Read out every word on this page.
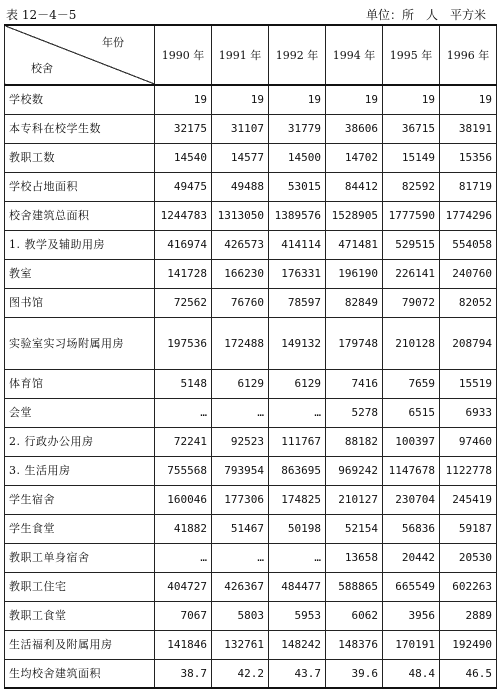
表 12－4－5	单位：所　人　平方米
年份
校舍	1990 年	1991 年	1992 年	1994 年	1995 年	1996 年
学校数	19	19	19	19	19	19
本专科在校学生数	32175	31107	31779	38606	36715	38191
教职工数	14540	14577	14500	14702	15149	15356
学校占地面积	49475	49488	53015	84412	82592	81719
校舍建筑总面积	1244783	1313050	1389576	1528905	1777590	1774296
1. 教学及辅助用房	416974	426573	414114	471481	529515	554058
教室	141728	166230	176331	196190	226141	240760
图书馆	72562	76760	78597	82849	79072	82052
实验室实习场附属用房	197536	172488	149132	179748	210128	208794
体育馆	5148	6129	6129	7416	7659	15519
会堂	…	…	…	5278	6515	6933
2. 行政办公用房	72241	92523	111767	88182	100397	97460
3. 生活用房	755568	793954	863695	969242	1147678	1122778
学生宿舍	160046	177306	174825	210127	230704	245419
学生食堂	41882	51467	50198	52154	56836	59187
教职工单身宿舍	…	…	…	13658	20442	20530
教职工住宅	404727	426367	484477	588865	665549	602263
教职工食堂	7067	5803	5953	6062	3956	2889
生活福利及附属用房	141846	132761	148242	148376	170191	192490
生均校舍建筑面积	38.7	42.2	43.7	39.6	48.4	46.5
